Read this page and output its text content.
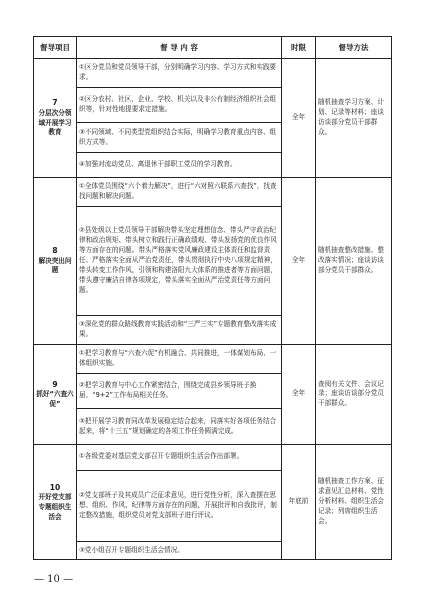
督导项目	督 导 内 容	时限	督导方法

7
分层次分领域开展学习教育	①区分党员和党员领导干部，分别明确学习内容、学习方式和实践要求。	全年	随机抽查学习方案、计划、记录等材料；座谈访谈部分党员干部群众。
	②区分农村、社区、企业、学校、机关以及非公有制经济组织社会组织等，针对性地提要求定措施。		
	③不同领域、不同类型党组织结合实际，明确学习教育重点内容、组织方式等。		
	④加强对流动党员、离退休干部职工党员的学习教育。		

8
解决突出问题	①全体党员围绕“六个着力解决”，进行“六对照六联系六查找”，找查找问题和解决问题。	全年	随机抽查整改措施、整改落实情况；座谈访谈部分党员干部群众。
	②县处级以上党员领导干部解决带头坚定理想信念、带头严守政治纪律和政治规矩、带头树立和践行正确政绩观、带头发扬党的优良作风等方面存在的问题。带头严格落实党风廉政建设主体责任和监督责任、严格落实全面从严治党责任，带头贯彻执行中央八项规定精神，带头转变工作作风，引领和构建洛阳九大体系的推进者等方面问题，带头遵守廉洁自律各项规定，带头落实全面从严治党责任等方面问题。		
	③深化党的群众路线教育实践活动和“三严三实”专题教育整改落实成果。		

9
抓好“六查六促”	①把学习教育与“六查六促”有机融合、共同推进，一体谋划布局、一体组织实施。	全年	查阅有关文件、会议记录；座谈访谈部分党员干部群众。
	②把学习教育与中心工作紧密结合，围绕完成县乡领导班子换届、“9+2”工作布局相关任务。		
	③把开展学习教育同改革发展稳定结合起来，同落实好各项任务结合起来，将“十三五”规划确定的各项工作任务圆满完成。		

10
开好党支部专题组织生活会	①各级党委对基层党支部召开专题组织生活会作出部署。	年底前	随机抽查工作方案、征求意见汇总材料、党性分析材料、组织生活会记录；列席组织生活会。
	②党支部班子及其成员广泛征求意见，进行党性分析，深入查摆在思想、组织、作风、纪律等方面存在的问题，开展批评和自我批评，制定整改措施，组织党员对党支部班子进行评议。		
	③党小组召开专题组织生活会情况。		
— 10 —
